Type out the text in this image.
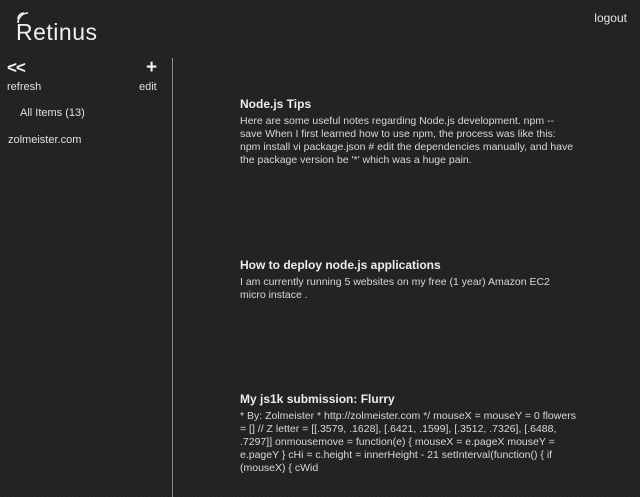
Retinus
logout
<<	+
refresh	edit
All Items (13)
zolmeister.com
Node.js Tips

Here are some useful notes regarding Node.js development. npm --save When I first learned how to use npm, the process was like this: npm install vi package.json # edit the dependencies manually, and have the package version be '*' which was a huge pain.

How to deploy node.js applications

I am currently running 5 websites on my free (1 year) Amazon EC2 micro instace .

My js1k submission: Flurry

* By: Zolmeister * http://zolmeister.com */ mouseX = mouseY = 0 flowers = [] // Z letter = [[.3579, .1628], [.6421, .1599], [.3512, .7326], [.6488, .7297]] onmousemove = function(e) { mouseX = e.pageX mouseY = e.pageY } cHi = c.height = innerHeight - 21 setInterval(function() { if (mouseX) { cWid
